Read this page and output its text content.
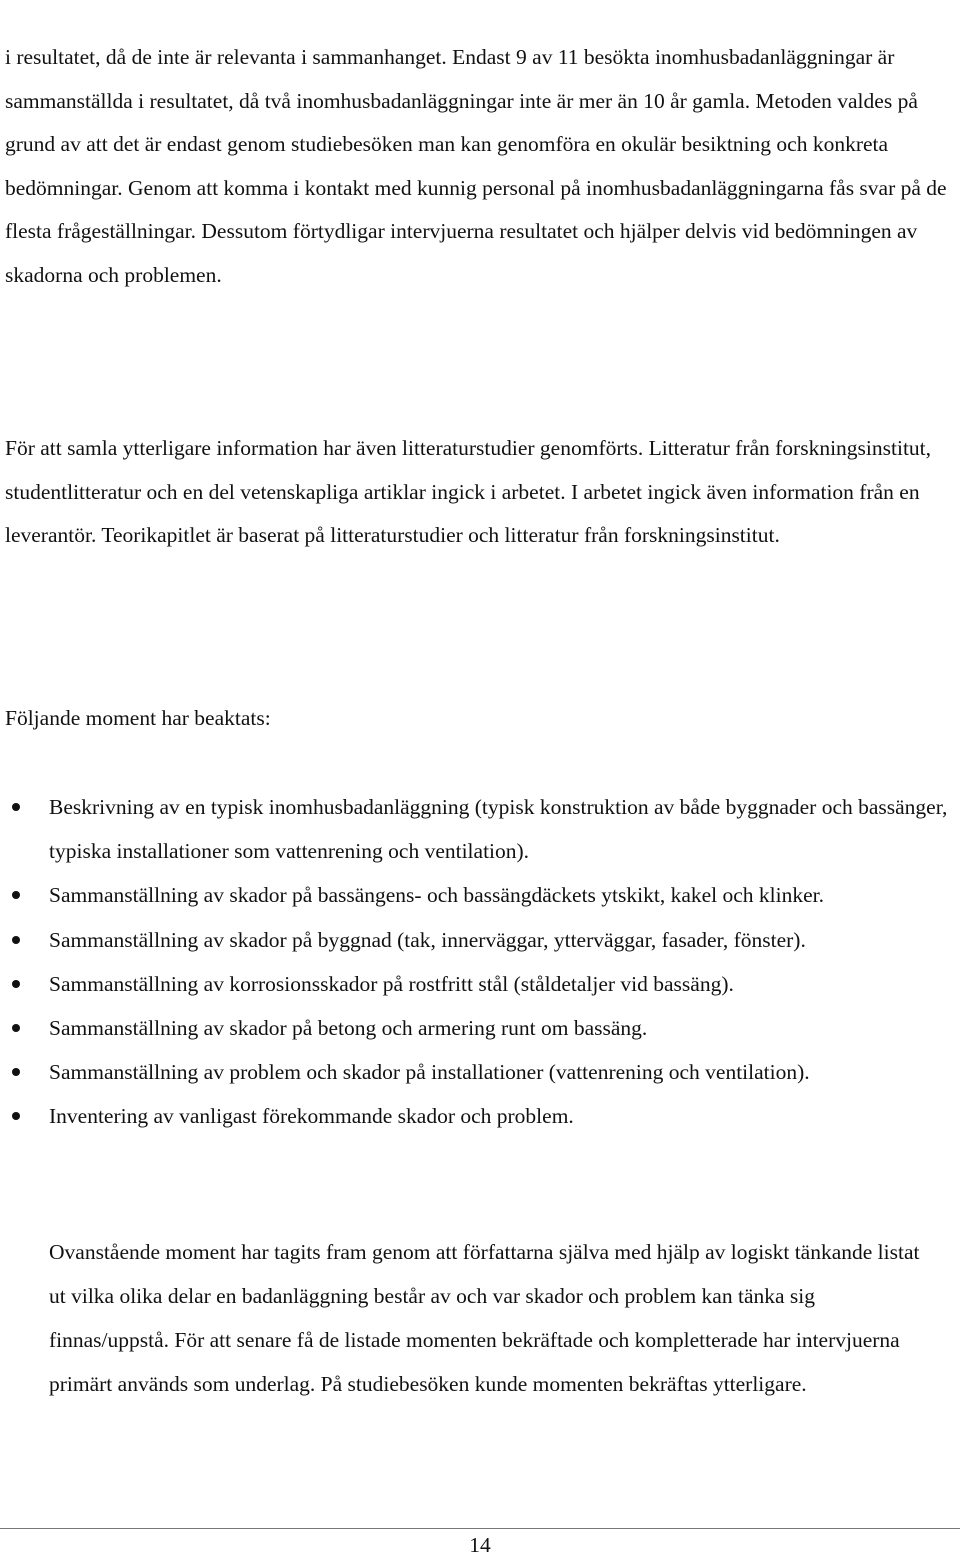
i resultatet, då de inte är relevanta i sammanhanget. Endast 9 av 11 besökta inomhusbadanläggningar är sammanställda i resultatet, då två inomhusbadanläggningar inte är mer än 10 år gamla. Metoden valdes på grund av att det är endast genom studiebesöken man kan genomföra en okulär besiktning och konkreta bedömningar. Genom att komma i kontakt med kunnig personal på inomhusbadanläggningarna fås svar på de flesta frågeställningar. Dessutom förtydligar intervjuerna resultatet och hjälper delvis vid bedömningen av skadorna och problemen.

För att samla ytterligare information har även litteraturstudier genomförts. Litteratur från forskningsinstitut, studentlitteratur och en del vetenskapliga artiklar ingick i arbetet. I arbetet ingick även information från en leverantör. Teorikapitlet är baserat på litteraturstudier och litteratur från forskningsinstitut.

Följande moment har beaktats:

Beskrivning av en typisk inomhusbadanläggning (typisk konstruktion av både byggnader och bassänger, typiska installationer som vattenrening och ventilation).
Sammanställning av skador på bassängens- och bassängdäckets ytskikt, kakel och klinker.
Sammanställning av skador på byggnad (tak, innerväggar, ytterväggar, fasader, fönster).
Sammanställning av korrosionsskador på rostfritt stål (ståldetaljer vid bassäng).
Sammanställning av skador på betong och armering runt om bassäng.
Sammanställning av problem och skador på installationer (vattenrening och ventilation).
Inventering av vanligast förekommande skador och problem.

Ovanstående moment har tagits fram genom att författarna själva med hjälp av logiskt tänkande listat ut vilka olika delar en badanläggning består av och var skador och problem kan tänka sig finnas/uppstå. För att senare få de listade momenten bekräftade och kompletterade har intervjuerna primärt används som underlag. På studiebesöken kunde momenten bekräftas ytterligare.

14
